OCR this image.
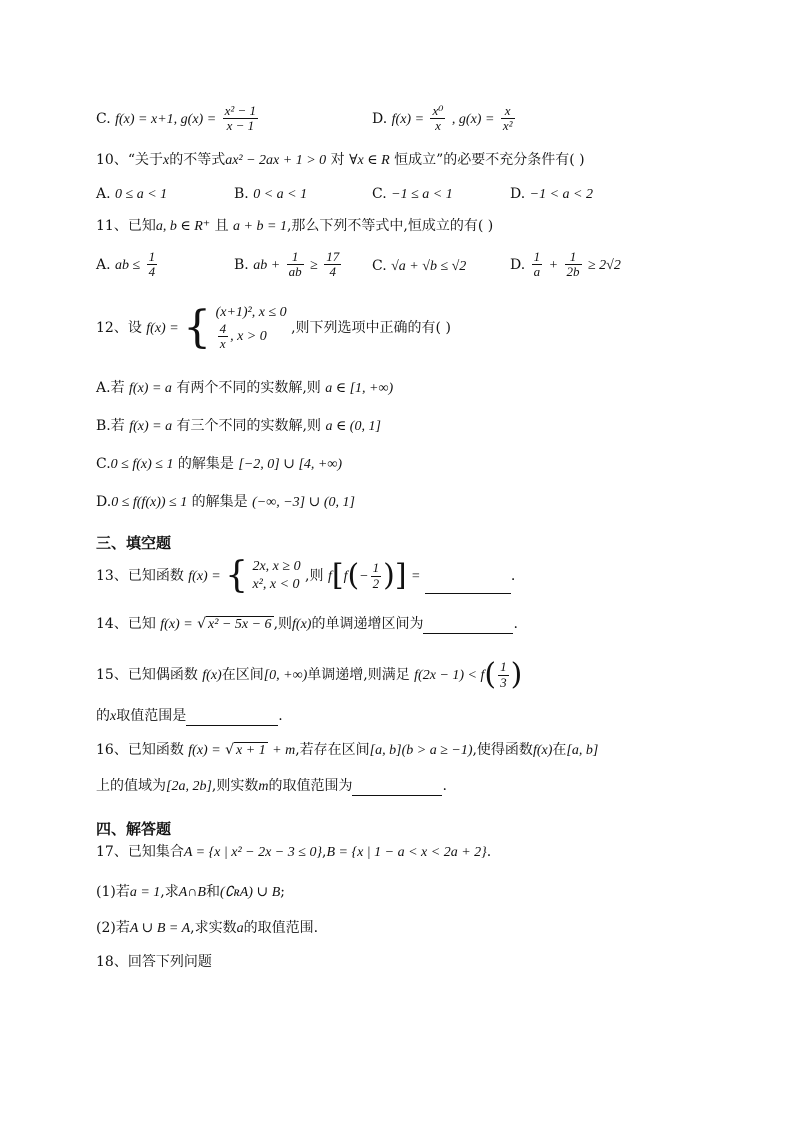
C. f(x) = x+1, $g(x) = \frac{\text{x² − 1}}{x - 1}$	D. $f(x) = \frac{\text{x⁰}}{x}$ , $g(x) = \frac{x}{\text{x²}}$
10、“关于x的不等式ax² − 2ax + 1 > 0 对 ∀x ∈ R 恒成立”的必要不充分条件有( )
A. 0 ≤ a < 1	B. 0 < a < 1	C. −1 ≤ a < 1	D. −1 < a < 2
11、已知a, b ∈ R⁺ 且 a + b = 1,那么下列不等式中,恒成立的有( )
A. ab ≤ $\frac{1}{4}$	B. ab + $\frac{1}{ab} \ge \frac{17}{4} C$. √a + √b ≤ √2	D. $\frac{1}{a} + \frac{1}{2b} \ge 2√2$
12、设 f(x) = { (x+1)², x ≤ 0
$\frac{4}{x}$ , x > 0
,则下列选项中正确的有( )
A.若 f(x) = a 有两个不同的实数解,则 a ∈ [1, +∞)
B.若 f(x) = a 有三个不同的实数解,则 a ∈ (0, 1]
C.0 ≤ f(x) ≤ 1 的解集是 [−2, 0] ∪ [4, +∞)
D.0 ≤ f(f(x)) ≤ 1 的解集是 (−∞, −3] ∪ (0, 1]
三、填空题
13、已知函数 f(x) = { 2x, x ≥ 0
x², x < 0
,则 $f[f(- \frac{1}{2}$ )] =	.
14、已知 f(x) = √ x² − 5x − 6 ,则f(x)的单调递增区间为	.
15、已知偶函数 f(x)在区间[0, +∞)单调递增,则满足 $f(2x - 1) < f( \frac{1}{3}$ )
的x取值范围是	.
16、已知函数 f(x) = √ x + 1 + m,若存在区间[a, b](b > a ≥ −1),使得函数f(x)在[a, b]
上的值域为[2a, 2b],则实数m的取值范围为	.
四、解答题
17、已知集合A = {x | x² − 2x − 3 ≤ 0},B = {x | 1 − a < x < 2a + 2}.
(1)若a = 1,求A∩B和(∁ʀA) ∪ B;
(2)若A ∪ B = A,求实数a的取值范围.
18、回答下列问题
